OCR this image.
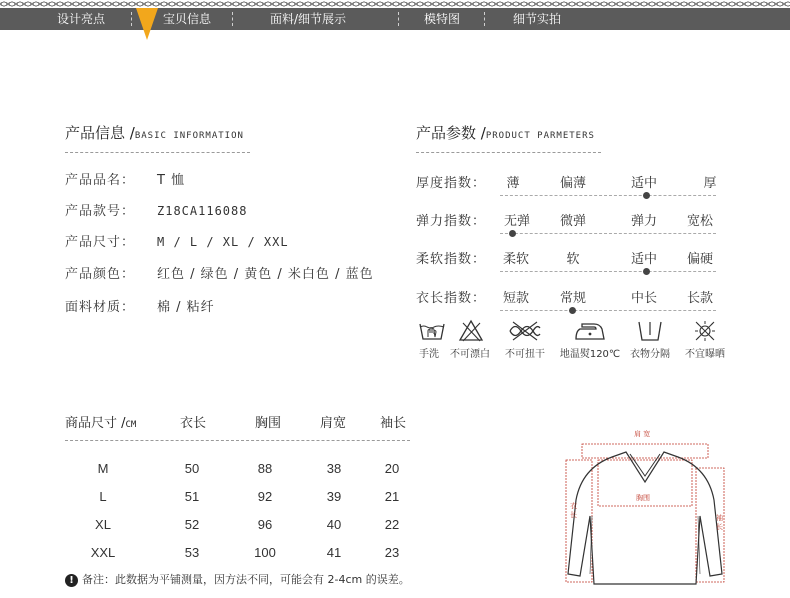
设计亮点	宝贝信息	面料/细节展示	模特图	细节实拍
产品信息 /BASIC INFORMATION
产品品名： T 恤
产品款号： Z18CA116088
产品尺寸： M / L / XL / XXL
产品颜色： 红色 / 绿色 / 黄色 / 米白色 / 蓝色
面料材质： 棉 / 粘纤
产品参数 /PRODUCT PARMETERS
厚度指数：	薄	偏薄	适中	厚
弹力指数：	无弹	微弹	弹力	宽松
柔软指数：	柔软	软	适中	偏硬
衣长指数：	短款	常规	中长	长款
手洗	不可漂白	不可扭干	地温熨120℃ 衣物分隔	不宜曝晒
商品尺寸 /CM	衣长	胸围	肩宽	袖长
M	50	88	38	20
L	51	92	39	21
XL	52	96	40	22
XXL	53	100	41	23
! 备注：此数据为平铺测量，因方法不同，可能会有 2-4cm 的误差。
肩 宽
胸围
衣
长	袖
长
